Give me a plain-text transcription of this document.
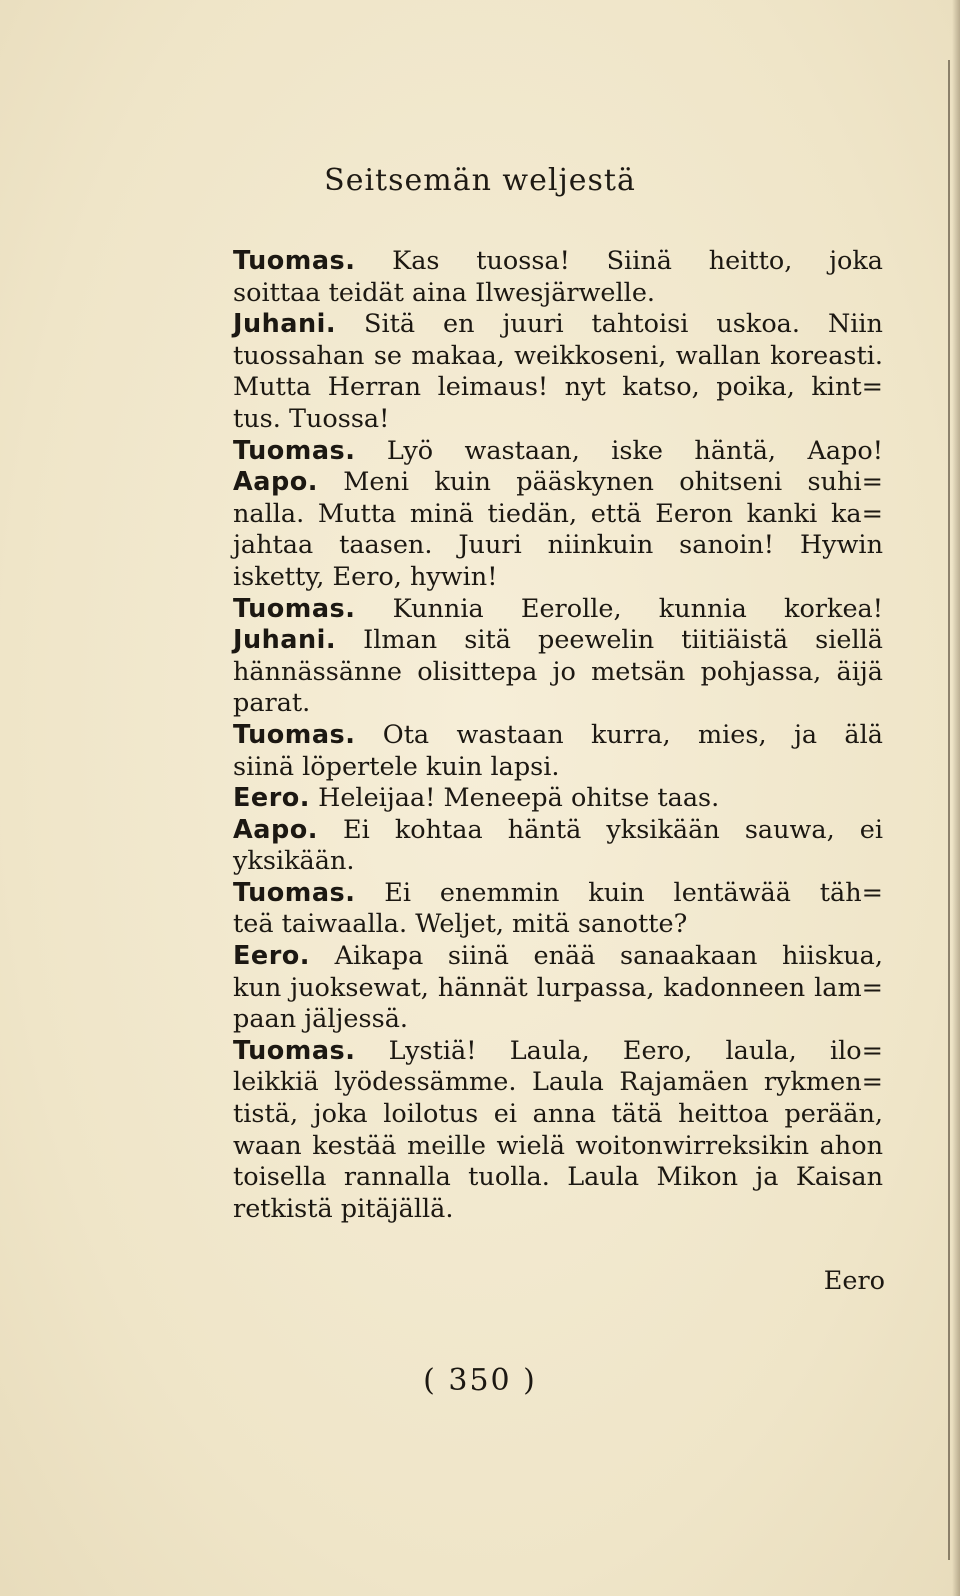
Seitsemän weljestä
Tuomas. Kas tuossa! Siinä heitto, joka
soittaa teidät aina Ilwesjärwelle.
Juhani. Sitä en juuri tahtoisi uskoa. Niin
tuossahan se makaa, weikkoseni, wallan koreasti.
Mutta Herran leimaus! nyt katso, poika, kint=
tus. Tuossa!
Tuomas. Lyö wastaan, iske häntä, Aapo!
Aapo. Meni kuin pääskynen ohitseni suhi=
nalla. Mutta minä tiedän, että Eeron kanki ka=
jahtaa taasen. Juuri niinkuin sanoin! Hywin
isketty, Eero, hywin!
Tuomas. Kunnia Eerolle, kunnia korkea!
Juhani. Ilman sitä peewelin tiitiäistä siellä
hännässänne olisittepa jo metsän pohjassa, äijä
parat.
Tuomas. Ota wastaan kurra, mies, ja älä
siinä löpertele kuin lapsi.
Eero. Heleijaa! Meneepä ohitse taas.
Aapo. Ei kohtaa häntä yksikään sauwa, ei
yksikään.
Tuomas. Ei enemmin kuin lentäwää täh=
teä taiwaalla. Weljet, mitä sanotte?
Eero. Aikapa siinä enää sanaakaan hiiskua,
kun juoksewat, hännät lurpassa, kadonneen lam=
paan jäljessä.
Tuomas. Lystiä! Laula, Eero, laula, ilo=
leikkiä lyödessämme. Laula Rajamäen rykmen=
tistä, joka loilotus ei anna tätä heittoa perään,
waan kestää meille wielä woitonwirreksikin ahon
toisella rannalla tuolla. Laula Mikon ja Kaisan
retkistä pitäjällä.
Eero
( 350 )
